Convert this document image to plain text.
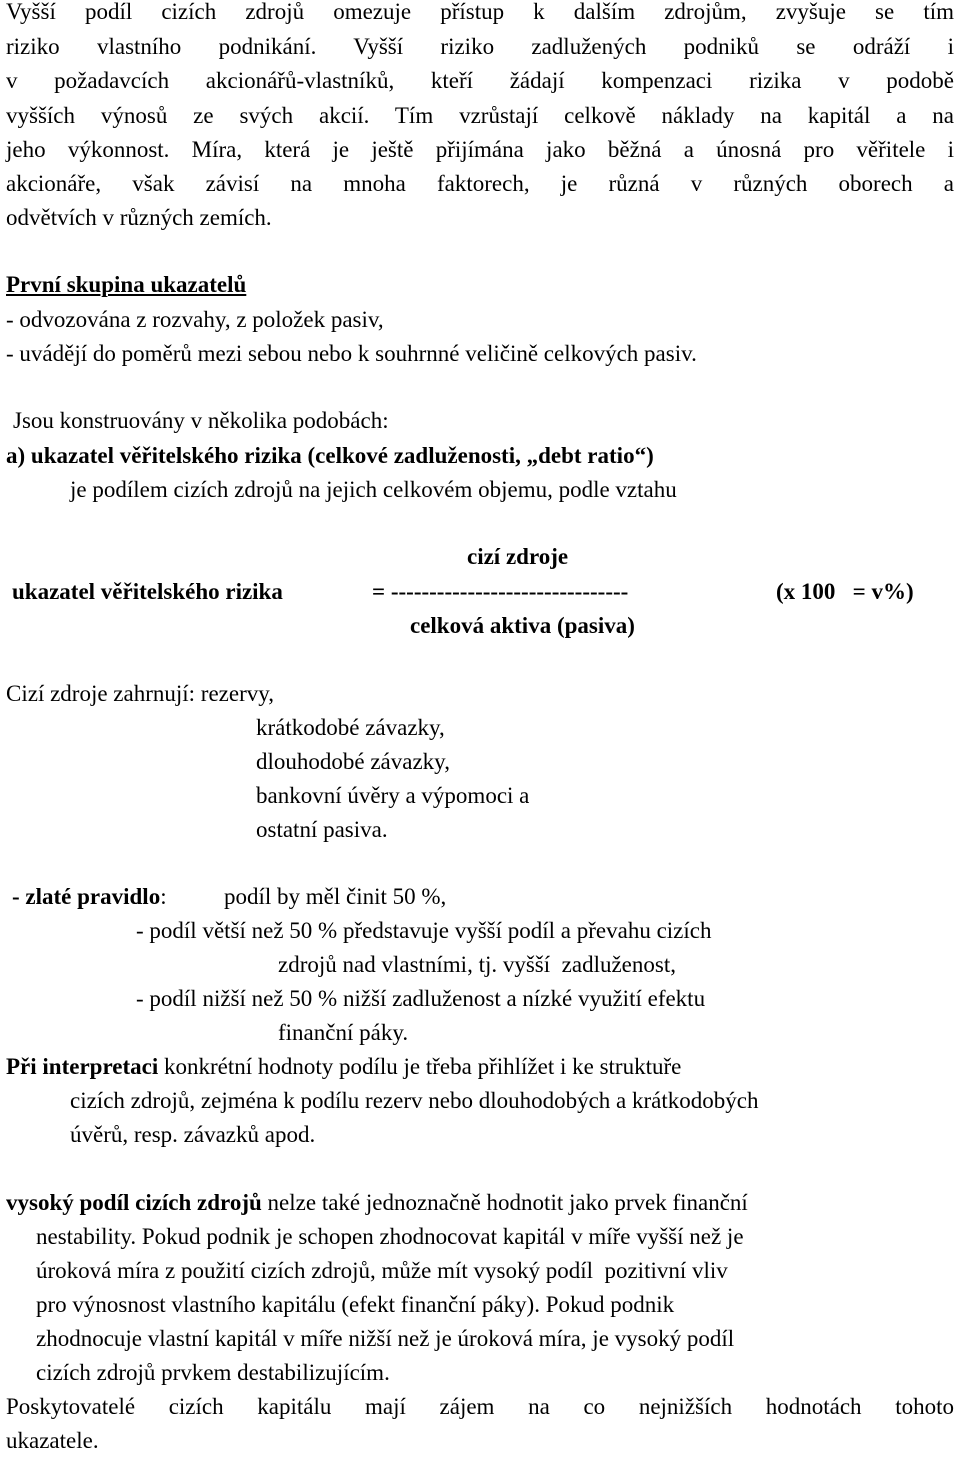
Vyšší podíl cizích zdrojů omezuje přístup k dalším zdrojům, zvyšuje se tím
riziko vlastního podnikání. Vyšší riziko zadlužených podniků se odráží i
v požadavcích akcionářů-vlastníků, kteří žádají kompenzaci rizika v podobě
vyšších výnosů ze svých akcií. Tím vzrůstají celkově náklady na kapitál a na
jeho výkonnost. Míra, která je ještě přijímána jako běžná a únosná pro věřitele i
akcionáře, však závisí na mnoha faktorech, je různá v různých oborech a
odvětvích v různých zemích.
První skupina ukazatelů
- odvozována z rozvahy, z položek pasiv,
- uvádějí do poměrů mezi sebou nebo k souhrnné veličině celkových pasiv.
Jsou konstruovány v několika podobách:
a) ukazatel věřitelského rizika (celkové zadluženosti, „debt ratio“)
je podílem cizích zdrojů na jejich celkovém objemu, podle vztahu
cizí zdroje
ukazatel věřitelského rizika	= -------------------------------	(x 100   = v%)
celková aktiva (pasiva)
Cizí zdroje zahrnují: rezervy,
krátkodobé závazky,
dlouhodobé závazky,
bankovní úvěry a výpomoci a
ostatní pasiva.
- zlaté pravidlo: podíl by měl činit 50 %,
- podíl větší než 50 % představuje vyšší podíl a převahu cizích
zdrojů nad vlastními, tj. vyšší  zadluženost,
- podíl nižší než 50 % nižší zadluženost a nízké využití efektu
finanční páky.
Při interpretaci konkrétní hodnoty podílu je třeba přihlížet i ke struktuře
cizích zdrojů, zejména k podílu rezerv nebo dlouhodobých a krátkodobých
úvěrů, resp. závazků apod.
vysoký podíl cizích zdrojů nelze také jednoznačně hodnotit jako prvek finanční
nestability. Pokud podnik je schopen zhodnocovat kapitál v míře vyšší než je
úroková míra z použití cizích zdrojů, může mít vysoký podíl  pozitivní vliv
pro výnosnost vlastního kapitálu (efekt finanční páky). Pokud podnik
zhodnocuje vlastní kapitál v míře nižší než je úroková míra, je vysoký podíl
cizích zdrojů prvkem destabilizujícím.
Poskytovatelé cizích kapitálu mají zájem na co nejnižších hodnotách tohoto
ukazatele.
